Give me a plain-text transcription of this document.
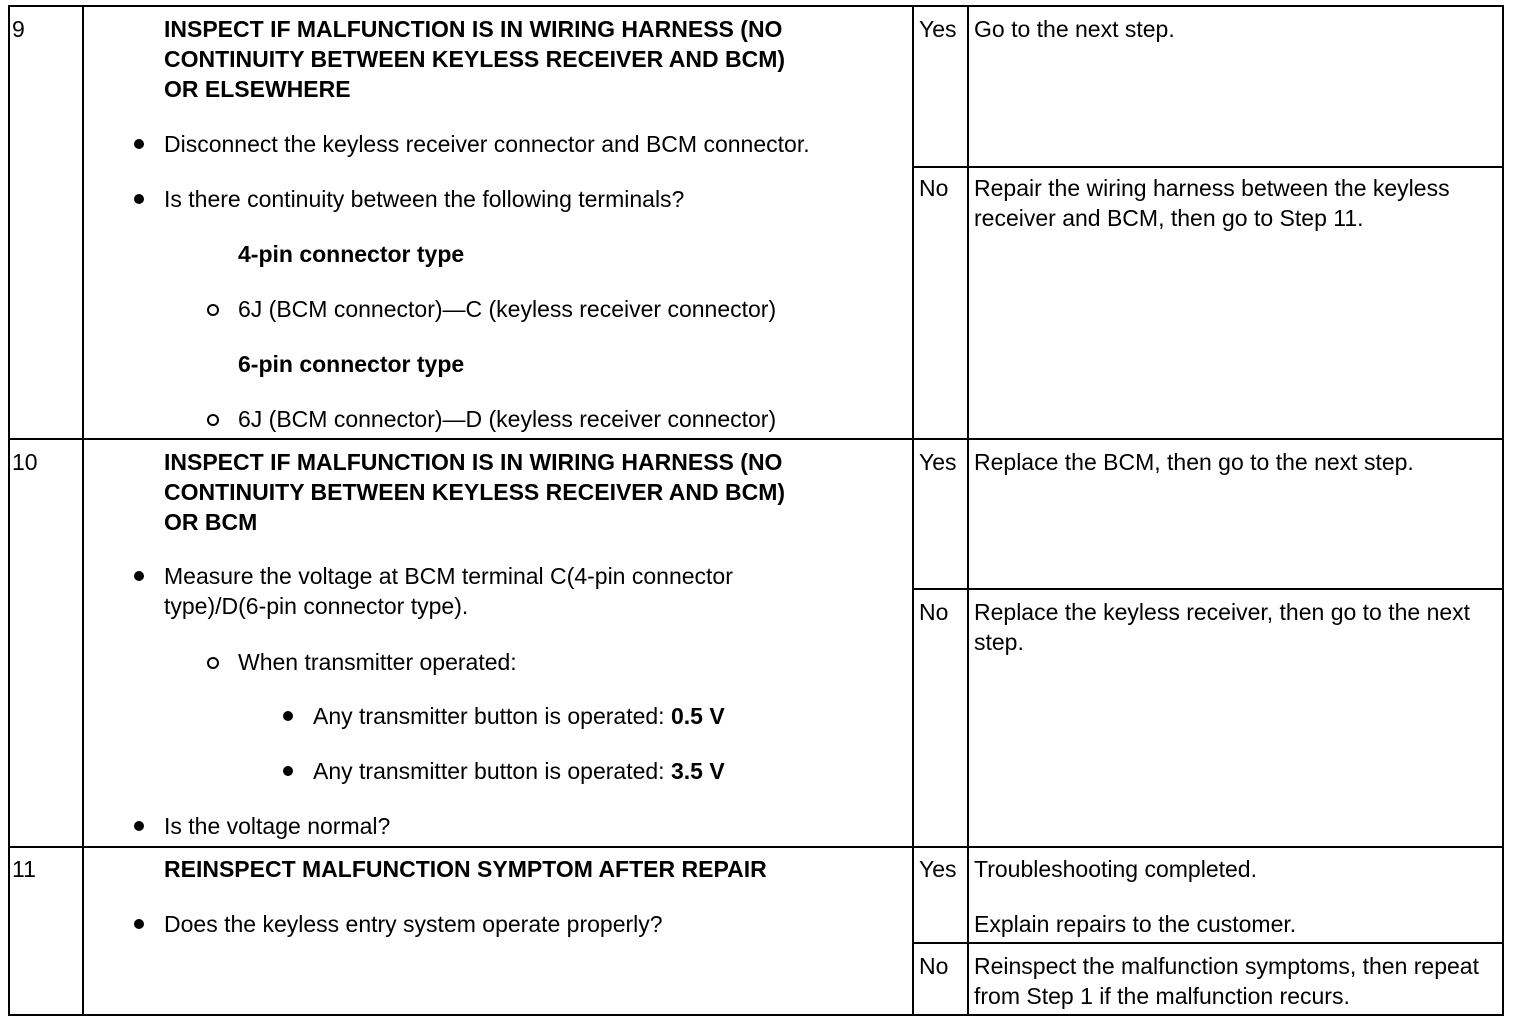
9	INSPECT IF MALFUNCTION IS IN WIRING HARNESS (NO
CONTINUITY BETWEEN KEYLESS RECEIVER AND BCM)
OR ELSEWHERE
Disconnect the keyless receiver connector and BCM connector.
Is there continuity between the following terminals?
4-pin connector type
6J (BCM connector)—C (keyless receiver connector)
6-pin connector type
6J (BCM connector)—D (keyless receiver connector)
Yes Go to the next step.
No Repair the wiring harness between the keyless receiver and BCM, then go to Step 11.
10	INSPECT IF MALFUNCTION IS IN WIRING HARNESS (NO
CONTINUITY BETWEEN KEYLESS RECEIVER AND BCM)
OR BCM
Measure the voltage at BCM terminal C(4-pin connector type)/D(6-pin connector type).
When transmitter operated:
Any transmitter button is operated: 0.5 V
Any transmitter button is operated: 3.5 V
Is the voltage normal?
Yes Replace the BCM, then go to the next step.
No Replace the keyless receiver, then go to the next step.
11	REINSPECT MALFUNCTION SYMPTOM AFTER REPAIR
Does the keyless entry system operate properly?
Yes Troubleshooting completed.
Explain repairs to the customer.
No Reinspect the malfunction symptoms, then repeat from Step 1 if the malfunction recurs.
